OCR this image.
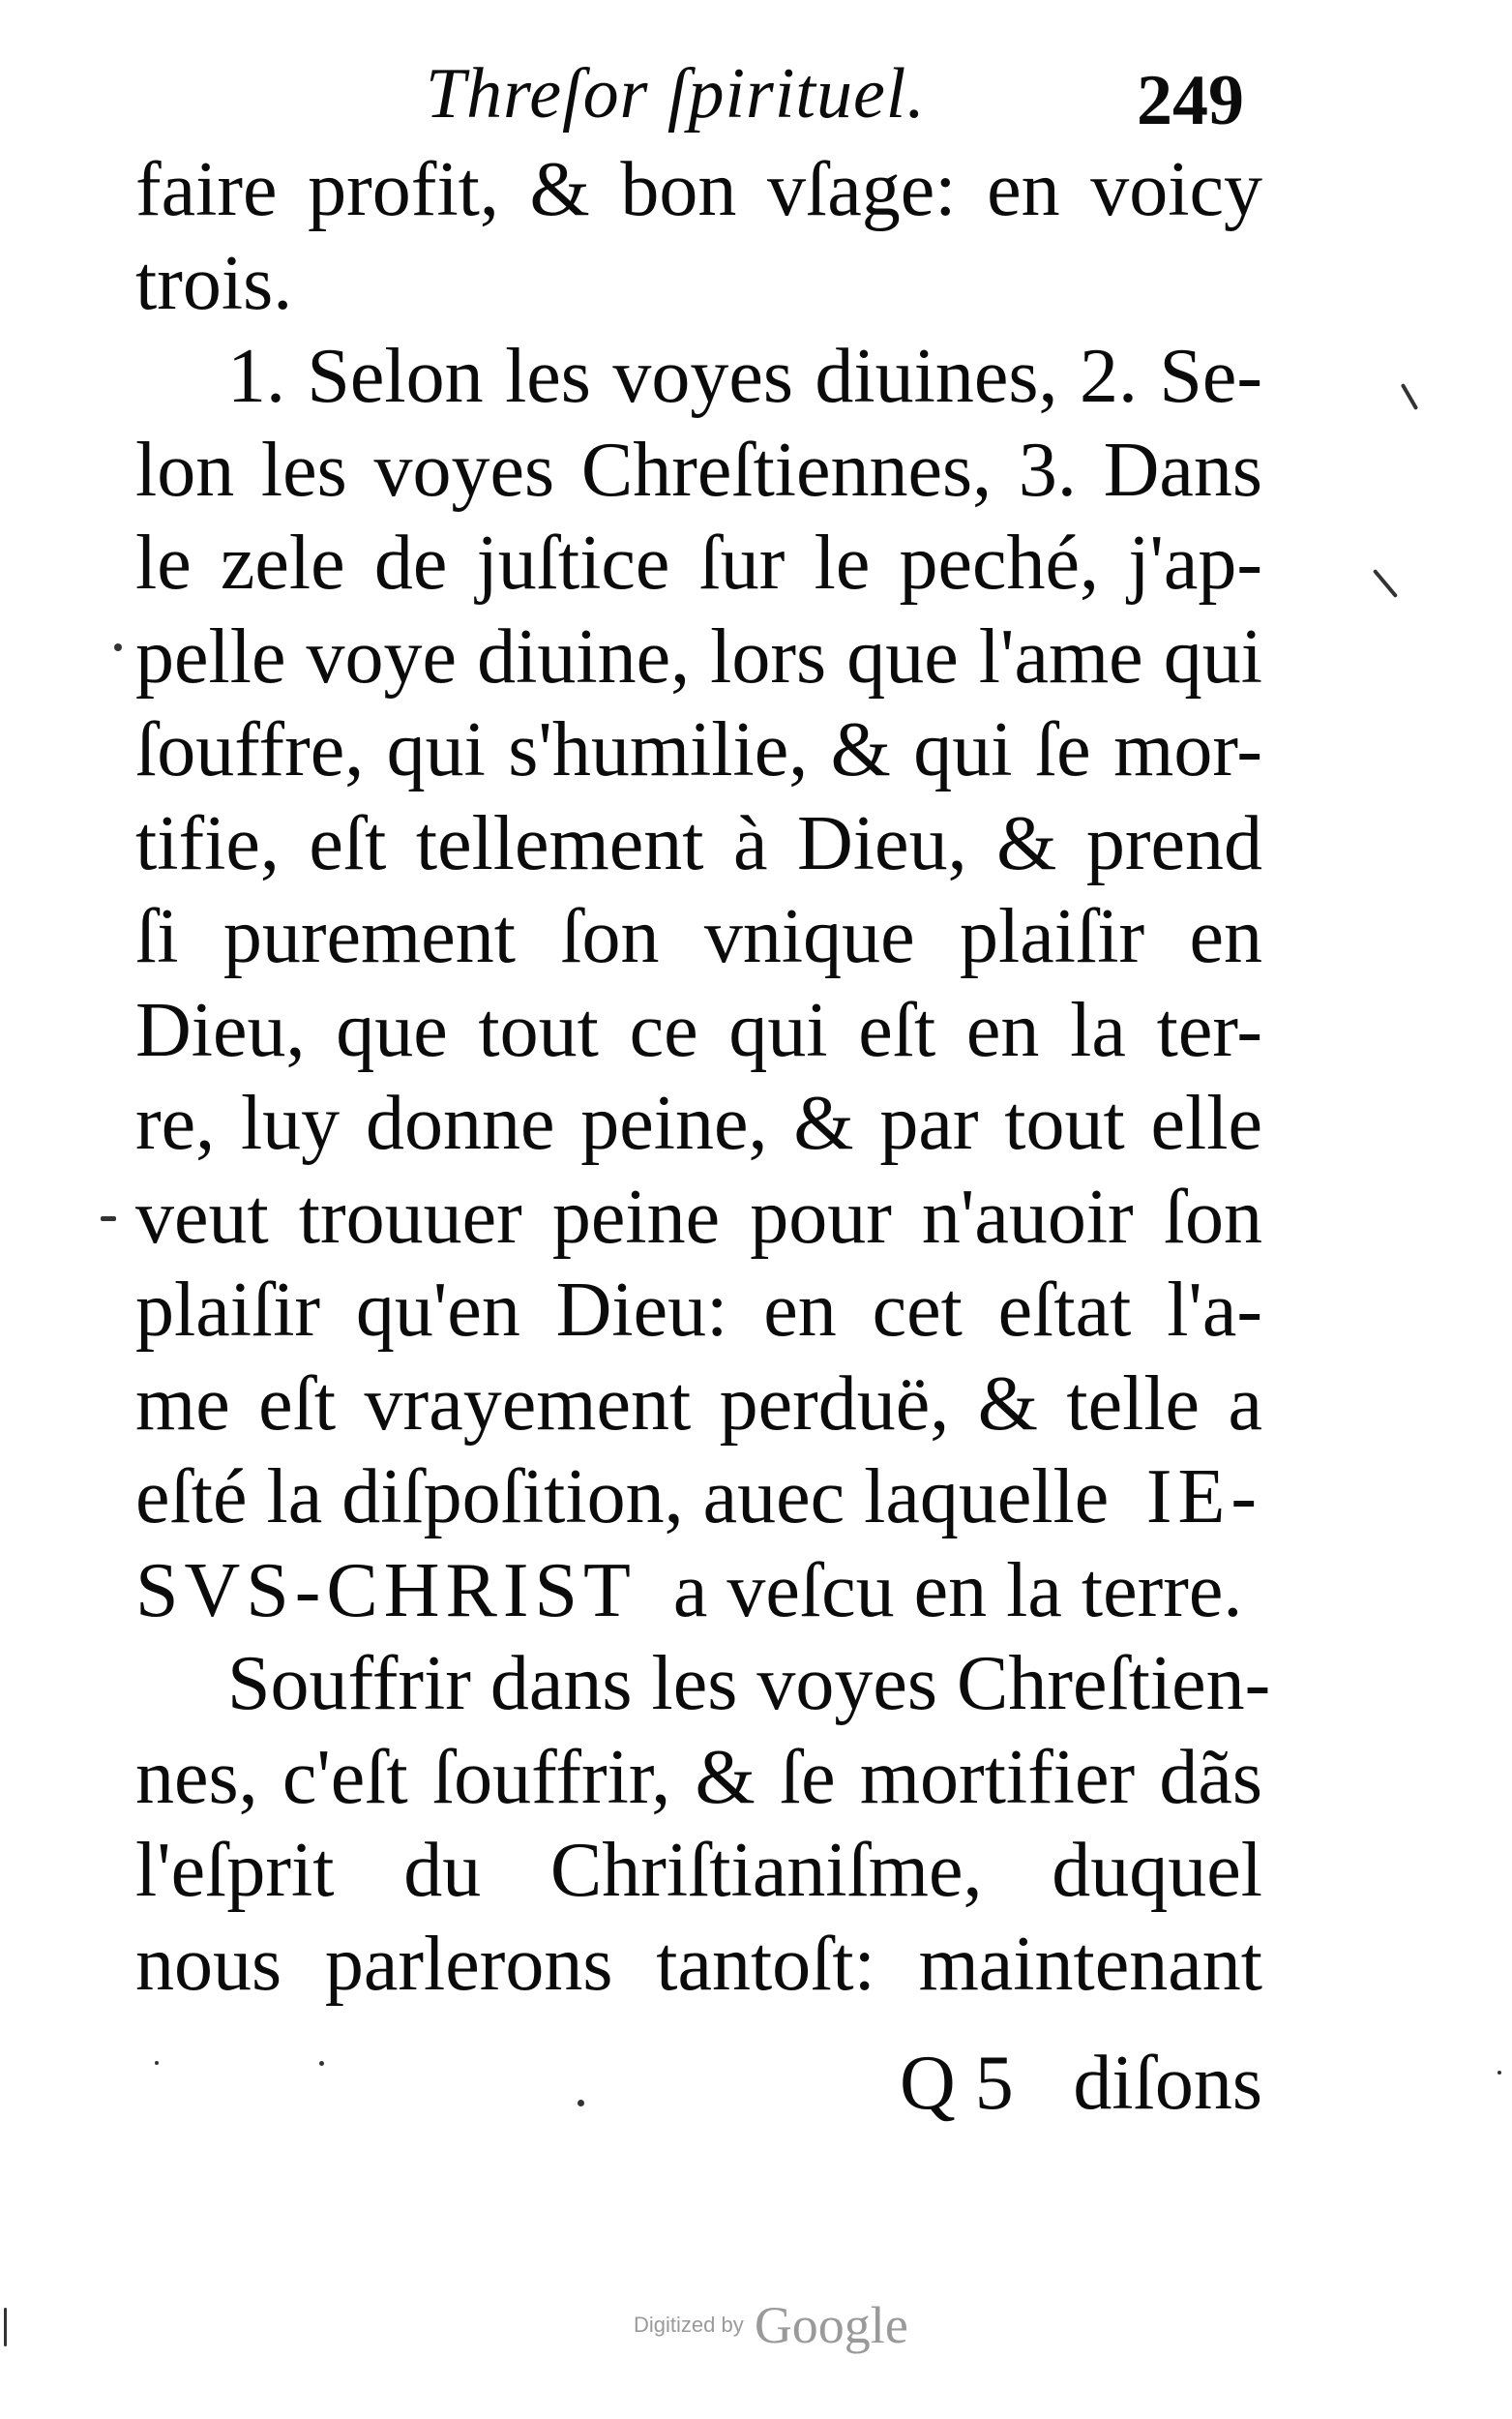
Threſor ſpirituel.	249
faire profit, & bon vſage: en voicy
trois.
1. Selon les voyes diuines, 2. Se-
lon les voyes Chreſtiennes, 3. Dans
le zele de juſtice ſur le peché, j'ap-
pelle voye diuine, lors que l'ame qui
ſouffre, qui s'humilie, & qui ſe mor-
tifie, eſt tellement à Dieu, & prend
ſi purement ſon vnique plaiſir en
Dieu, que tout ce qui eſt en la ter-
re, luy donne peine, & par tout elle
veut trouuer peine pour n'auoir ſon
plaiſir qu'en Dieu: en cet eſtat l'a-
me eſt vrayement perduë, & telle a
eſté la diſpoſition, auec laquelle IE-
SVS-CHRIST a veſcu en la terre.
Souffrir dans les voyes Chreſtien-
nes, c'eſt ſouffrir, & ſe mortifier dãs
l'eſprit du Chriſtianiſme, duquel
nous parlerons tantoſt: maintenant
Q 5 diſons
Digitized by Google
